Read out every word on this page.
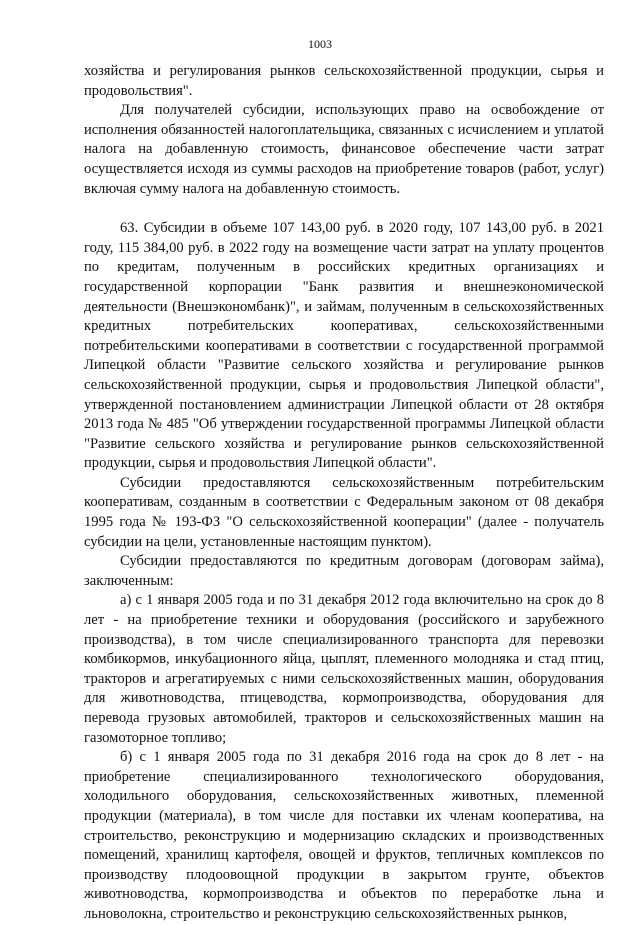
1003

хозяйства и регулирования рынков сельскохозяйственной продукции, сырья и продовольствия".

Для получателей субсидии, использующих право на освобождение от исполнения обязанностей налогоплательщика, связанных с исчислением и уплатой налога на добавленную стоимость, финансовое обеспечение части затрат осуществляется исходя из суммы расходов на приобретение товаров (работ, услуг) включая сумму налога на добавленную стоимость.

63. Субсидии в объеме 107 143,00 руб. в 2020 году, 107 143,00 руб. в 2021 году, 115 384,00 руб. в 2022 году на возмещение части затрат на уплату процентов по кредитам, полученным в российских кредитных организациях и государственной корпорации "Банк развития и внешнеэкономической деятельности (Внешэкономбанк)", и займам, полученным в сельскохозяйственных кредитных потребительских кооперативах, сельскохозяйственными потребительскими кооперативами в соответствии с государственной программой Липецкой области "Развитие сельского хозяйства и регулирование рынков сельскохозяйственной продукции, сырья и продовольствия Липецкой области", утвержденной постановлением администрации Липецкой области от 28 октября 2013 года № 485 "Об утверждении государственной программы Липецкой области "Развитие сельского хозяйства и регулирование рынков сельскохозяйственной продукции, сырья и продовольствия Липецкой области".

Субсидии предоставляются сельскохозяйственным потребительским кооперативам, созданным в соответствии с Федеральным законом от 08 декабря 1995 года № 193-ФЗ "О сельскохозяйственной кооперации" (далее - получатель субсидии на цели, установленные настоящим пунктом).

Субсидии предоставляются по кредитным договорам (договорам займа), заключенным:

а) с 1 января 2005 года и по 31 декабря 2012 года включительно на срок до 8 лет - на приобретение техники и оборудования (российского и зарубежного производства), в том числе специализированного транспорта для перевозки комбикормов, инкубационного яйца, цыплят, племенного молодняка и стад птиц, тракторов и агрегатируемых с ними сельскохозяйственных машин, оборудования для животноводства, птицеводства, кормопроизводства, оборудования для перевода грузовых автомобилей, тракторов и сельскохозяйственных машин на газомоторное топливо;

б) с 1 января 2005 года по 31 декабря 2016 года на срок до 8 лет - на приобретение специализированного технологического оборудования, холодильного оборудования, сельскохозяйственных животных, племенной продукции (материала), в том числе для поставки их членам кооператива, на строительство, реконструкцию и модернизацию складских и производственных помещений, хранилищ картофеля, овощей и фруктов, тепличных комплексов по производству плодоовощной продукции в закрытом грунте, объектов животноводства, кормопроизводства и объектов по переработке льна и льноволокна, строительство и реконструкцию сельскохозяйственных рынков,
